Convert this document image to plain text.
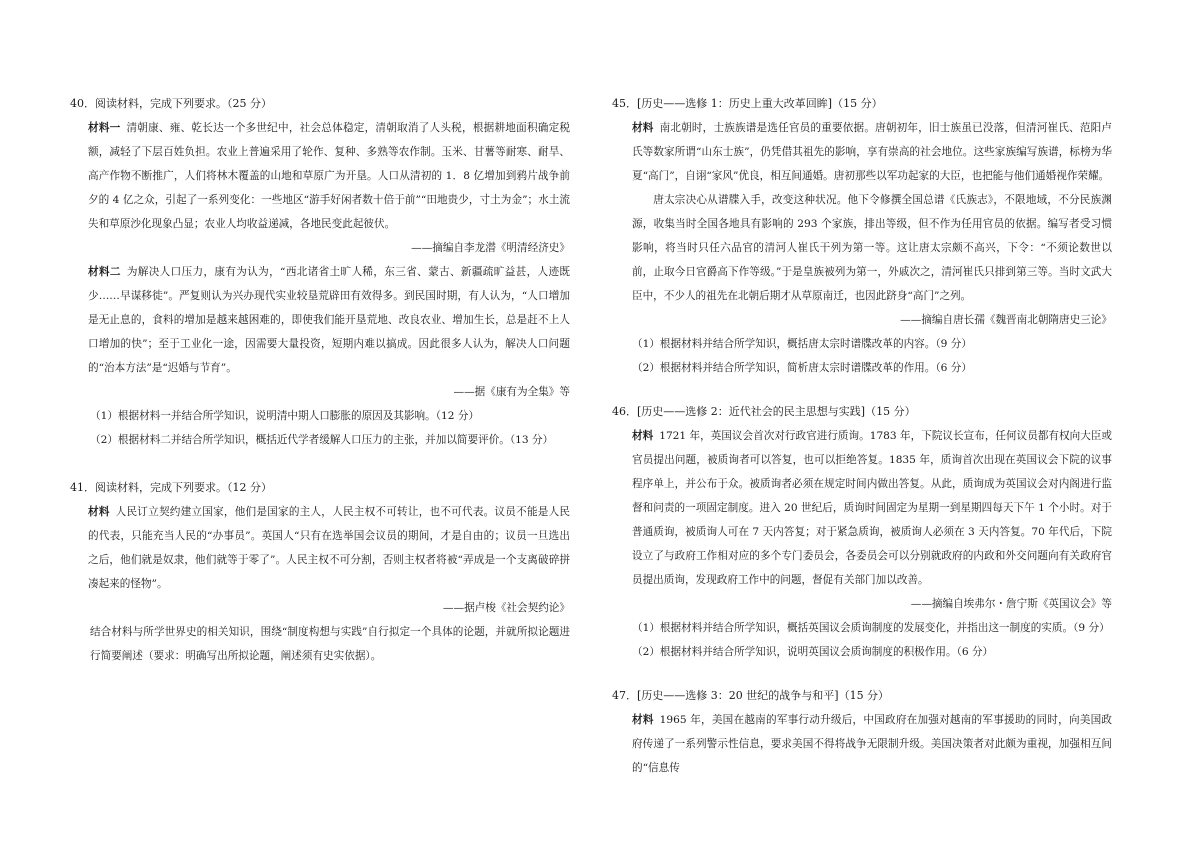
40．阅读材料，完成下列要求。（25 分）
材料一 清朝康、雍、乾长达一个多世纪中，社会总体稳定，清朝取消了人头税，根据耕地面积确定税额，减轻了下层百姓负担。农业上普遍采用了轮作、复种、多熟等农作制。玉米、甘薯等耐寒、耐旱、高产作物不断推广，人们将林木覆盖的山地和草原广为开垦。人口从清初的 1．8 亿增加到鸦片战争前夕的 4 亿之众，引起了一系列变化：一些地区“游手好闲者数十倍于前”“田地贵少，寸土为金”；水土流失和草原沙化现象凸显；农业人均收益递减，各地民变此起彼伏。
——摘编自李龙潜《明清经济史》
材料二 为解决人口压力，康有为认为，“西北诸省土旷人稀，东三省、蒙古、新疆疏旷益甚，人迹既少……早谋移徙”。严复则认为兴办现代实业较垦荒辟田有效得多。到民国时期，有人认为，“人口增加是无止息的，食料的增加是越来越困难的，即使我们能开垦荒地、改良农业、增加生长，总是赶不上人口增加的快”；至于工业化一途，因需要大量投资，短期内难以搞成。因此很多人认为，解决人口问题的“治本方法”是“迟婚与节育”。
——据《康有为全集》等
（1）根据材料一并结合所学知识，说明清中期人口膨胀的原因及其影响。（12 分）
（2）根据材料二并结合所学知识，概括近代学者缓解人口压力的主张，并加以简要评价。（13 分）
41．阅读材料，完成下列要求。（12 分）
材料 人民订立契约建立国家，他们是国家的主人，人民主权不可转让，也不可代表。议员不能是人民的代表，只能充当人民的“办事员”。英国人“只有在选举国会议员的期间，才是自由的；议员一旦选出之后，他们就是奴隶，他们就等于零了”。人民主权不可分割，否则主权者将被“弄成是一个支离破碎拼凑起来的怪物”。
——据卢梭《社会契约论》
结合材料与所学世界史的相关知识，围绕“制度构想与实践”自行拟定一个具体的论题，并就所拟论题进行简要阐述（要求：明确写出所拟论题，阐述须有史实依据）。
45．[历史——选修 1：历史上重大改革回眸]（15 分）
材料 南北朝时，士族族谱是选任官员的重要依据。唐朝初年，旧士族虽已没落，但清河崔氏、范阳卢氏等数家所谓“山东士族”，仍凭借其祖先的影响，享有崇高的社会地位。这些家族编写族谱，标榜为华夏“高门”，自诩“家风”优良，相互间通婚。唐初那些以军功起家的大臣，也把能与他们通婚视作荣耀。
唐太宗决心从谱牒入手，改变这种状况。他下令修撰全国总谱《氏族志》，不限地域，不分民族渊源，收集当时全国各地具有影响的 293 个家族，排出等级，但不作为任用官员的依据。编写者受习惯影响，将当时只任六品官的清河人崔氏干列为第一等。这让唐太宗颇不高兴，下令：“不须论数世以前，止取今日官爵高下作等级。”于是皇族被列为第一，外戚次之，清河崔氏只排到第三等。当时文武大臣中，不少人的祖先在北朝后期才从草原南迁，也因此跻身“高门”之列。
——摘编自唐长孺《魏晋南北朝隋唐史三论》
（1）根据材料并结合所学知识，概括唐太宗时谱牒改革的内容。（9 分）
（2）根据材料并结合所学知识，简析唐太宗时谱牒改革的作用。（6 分）
46．[历史——选修 2：近代社会的民主思想与实践]（15 分）
材料 1721 年，英国议会首次对行政官进行质询。1783 年，下院议长宣布，任何议员都有权向大臣或官员提出问题，被质询者可以答复，也可以拒绝答复。1835 年，质询首次出现在英国议会下院的议事程序单上，并公布于众。被质询者必须在规定时间内做出答复。从此，质询成为英国议会对内阁进行监督和问责的一项固定制度。进入 20 世纪后，质询时间固定为星期一到星期四每天下午 1 个小时。对于普通质询，被质询人可在 7 天内答复；对于紧急质询，被质询人必须在 3 天内答复。70 年代后，下院设立了与政府工作相对应的多个专门委员会，各委员会可以分别就政府的内政和外交问题向有关政府官员提出质询，发现政府工作中的问题，督促有关部门加以改善。
——摘编自埃弗尔・詹宁斯《英国议会》等
（1）根据材料并结合所学知识，概括英国议会质询制度的发展变化，并指出这一制度的实质。（9 分）
（2）根据材料并结合所学知识，说明英国议会质询制度的积极作用。（6 分）
47．[历史——选修 3：20 世纪的战争与和平]（15 分）
材料 1965 年，美国在越南的军事行动升级后，中国政府在加强对越南的军事援助的同时，向美国政府传递了一系列警示性信息，要求美国不得将战争无限制升级。美国决策者对此颇为重视，加强相互间的“信息传
